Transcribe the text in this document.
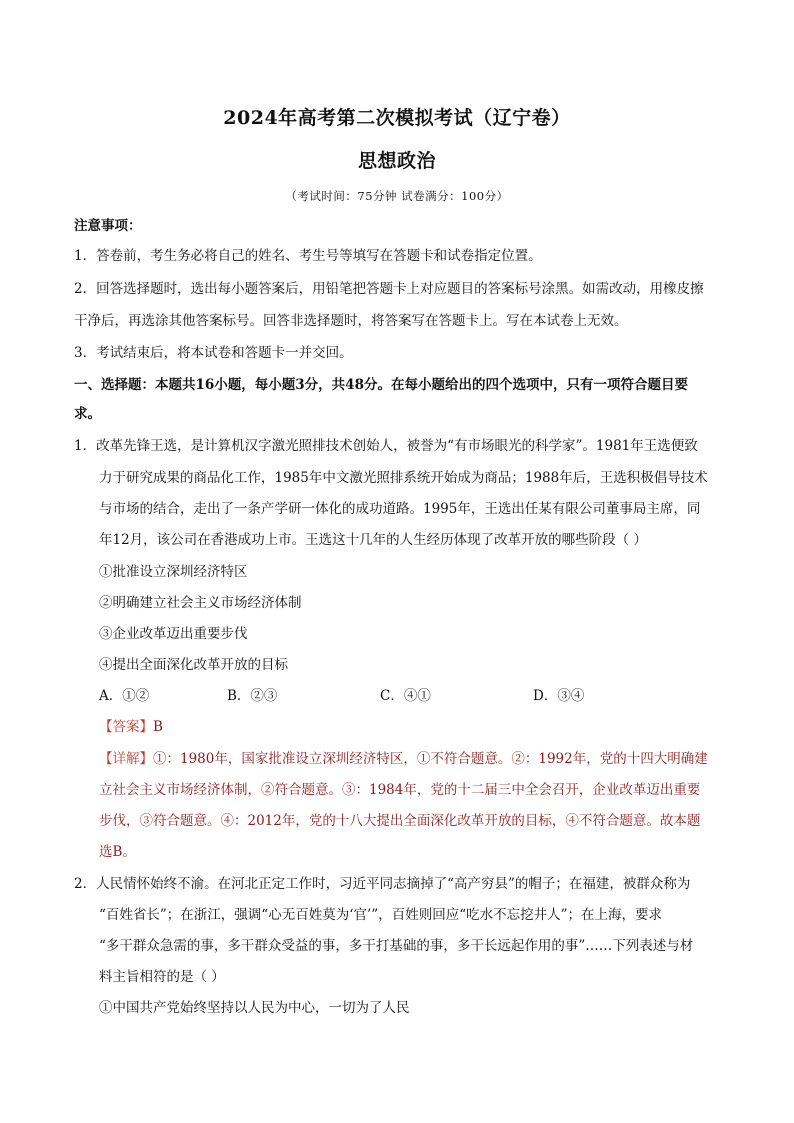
2024年高考第二次模拟考试（辽宁卷）
思想政治
（考试时间：75分钟 试卷满分：100分）
注意事项：
1．答卷前，考生务必将自己的姓名、考生号等填写在答题卡和试卷指定位置。
2．回答选择题时，选出每小题答案后，用铅笔把答题卡上对应题目的答案标号涂黑。如需改动，用橡皮擦
干净后，再选涂其他答案标号。回答非选择题时，将答案写在答题卡上。写在本试卷上无效。
3．考试结束后，将本试卷和答题卡一并交回。
一、选择题：本题共16小题，每小题3分，共48分。在每小题给出的四个选项中，只有一项符合题目要
求。
1．改革先锋王选，是计算机汉字激光照排技术创始人，被誉为“有市场眼光的科学家”。1981年王选便致
力于研究成果的商品化工作，1985年中文激光照排系统开始成为商品；1988年后，王选积极倡导技术
与市场的结合，走出了一条产学研一体化的成功道路。1995年，王选出任某有限公司董事局主席，同
年12月，该公司在香港成功上市。王选这十几年的人生经历体现了改革开放的哪些阶段（ ）
①批准设立深圳经济特区
②明确建立社会主义市场经济体制
③企业改革迈出重要步伐
④提出全面深化改革开放的目标
A．①②	B．②③	C．④①	D．③④
【答案】B
【详解】①：1980年，国家批准设立深圳经济特区，①不符合题意。②：1992年，党的十四大明确建
立社会主义市场经济体制，②符合题意。③：1984年，党的十二届三中全会召开，企业改革迈出重要
步伐，③符合题意。④：2012年，党的十八大提出全面深化改革开放的目标，④不符合题意。故本题
选B。
2．人民情怀始终不渝。在河北正定工作时，习近平同志摘掉了“高产穷县”的帽子；在福建，被群众称为
“百姓省长”；在浙江，强调“心无百姓莫为‘官’”，百姓则回应“吃水不忘挖井人”；在上海，要求
“多干群众急需的事，多干群众受益的事，多干打基础的事，多干长远起作用的事”……下列表述与材
料主旨相符的是（ ）
①中国共产党始终坚持以人民为中心，一切为了人民
